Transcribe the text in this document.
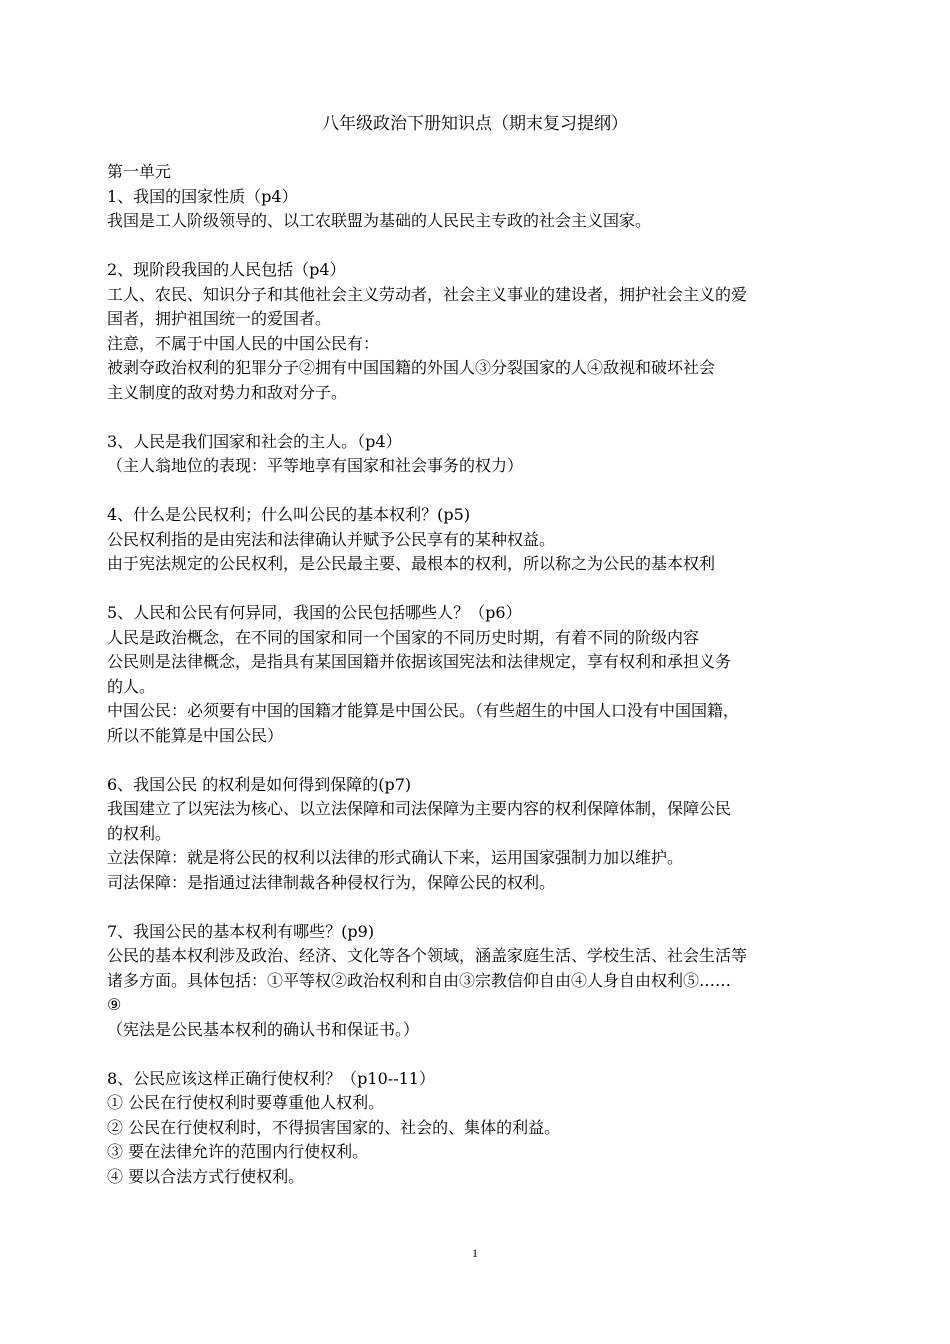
八年级政治下册知识点（期末复习提纲）

第一单元

1、我国的国家性质（p4）

我国是工人阶级领导的、以工农联盟为基础的人民民主专政的社会主义国家。

2、现阶段我国的人民包括（p4）

工人、农民、知识分子和其他社会主义劳动者，社会主义事业的建设者，拥护社会主义的爱

国者，拥护祖国统一的爱国者。

注意，不属于中国人民的中国公民有：

被剥夺政治权利的犯罪分子②拥有中国国籍的外国人③分裂国家的人④敌视和破坏社会

主义制度的敌对势力和敌对分子。

3、人民是我们国家和社会的主人。（p4）

（主人翁地位的表现：平等地享有国家和社会事务的权力）

4、什么是公民权利；什么叫公民的基本权利？(p5)

公民权利指的是由宪法和法律确认并赋予公民享有的某种权益。

由于宪法规定的公民权利，是公民最主要、最根本的权利，所以称之为公民的基本权利

5、人民和公民有何异同，我国的公民包括哪些人？（p6）

人民是政治概念，在不同的国家和同一个国家的不同历史时期，有着不同的阶级内容

公民则是法律概念，是指具有某国国籍并依据该国宪法和法律规定，享有权利和承担义务

的人。

中国公民：必须要有中国的国籍才能算是中国公民。（有些超生的中国人口没有中国国籍，

所以不能算是中国公民）

6、我国公民 的权利是如何得到保障的(p7)

我国建立了以宪法为核心、以立法保障和司法保障为主要内容的权利保障体制，保障公民

的权利。

立法保障：就是将公民的权利以法律的形式确认下来，运用国家强制力加以维护。

司法保障：是指通过法律制裁各种侵权行为，保障公民的权利。

7、我国公民的基本权利有哪些？(p9)

公民的基本权利涉及政治、经济、文化等各个领域，涵盖家庭生活、学校生活、社会生活等

诸多方面。具体包括：①平等权②政治权利和自由③宗教信仰自由④人身自由权利⑤……

⑨

（宪法是公民基本权利的确认书和保证书。）

8、公民应该这样正确行使权利？（p10--11）

① 公民在行使权利时要尊重他人权利。

② 公民在行使权利时，不得损害国家的、社会的、集体的利益。

③ 要在法律允许的范围内行使权利。

④ 要以合法方式行使权利。

1
